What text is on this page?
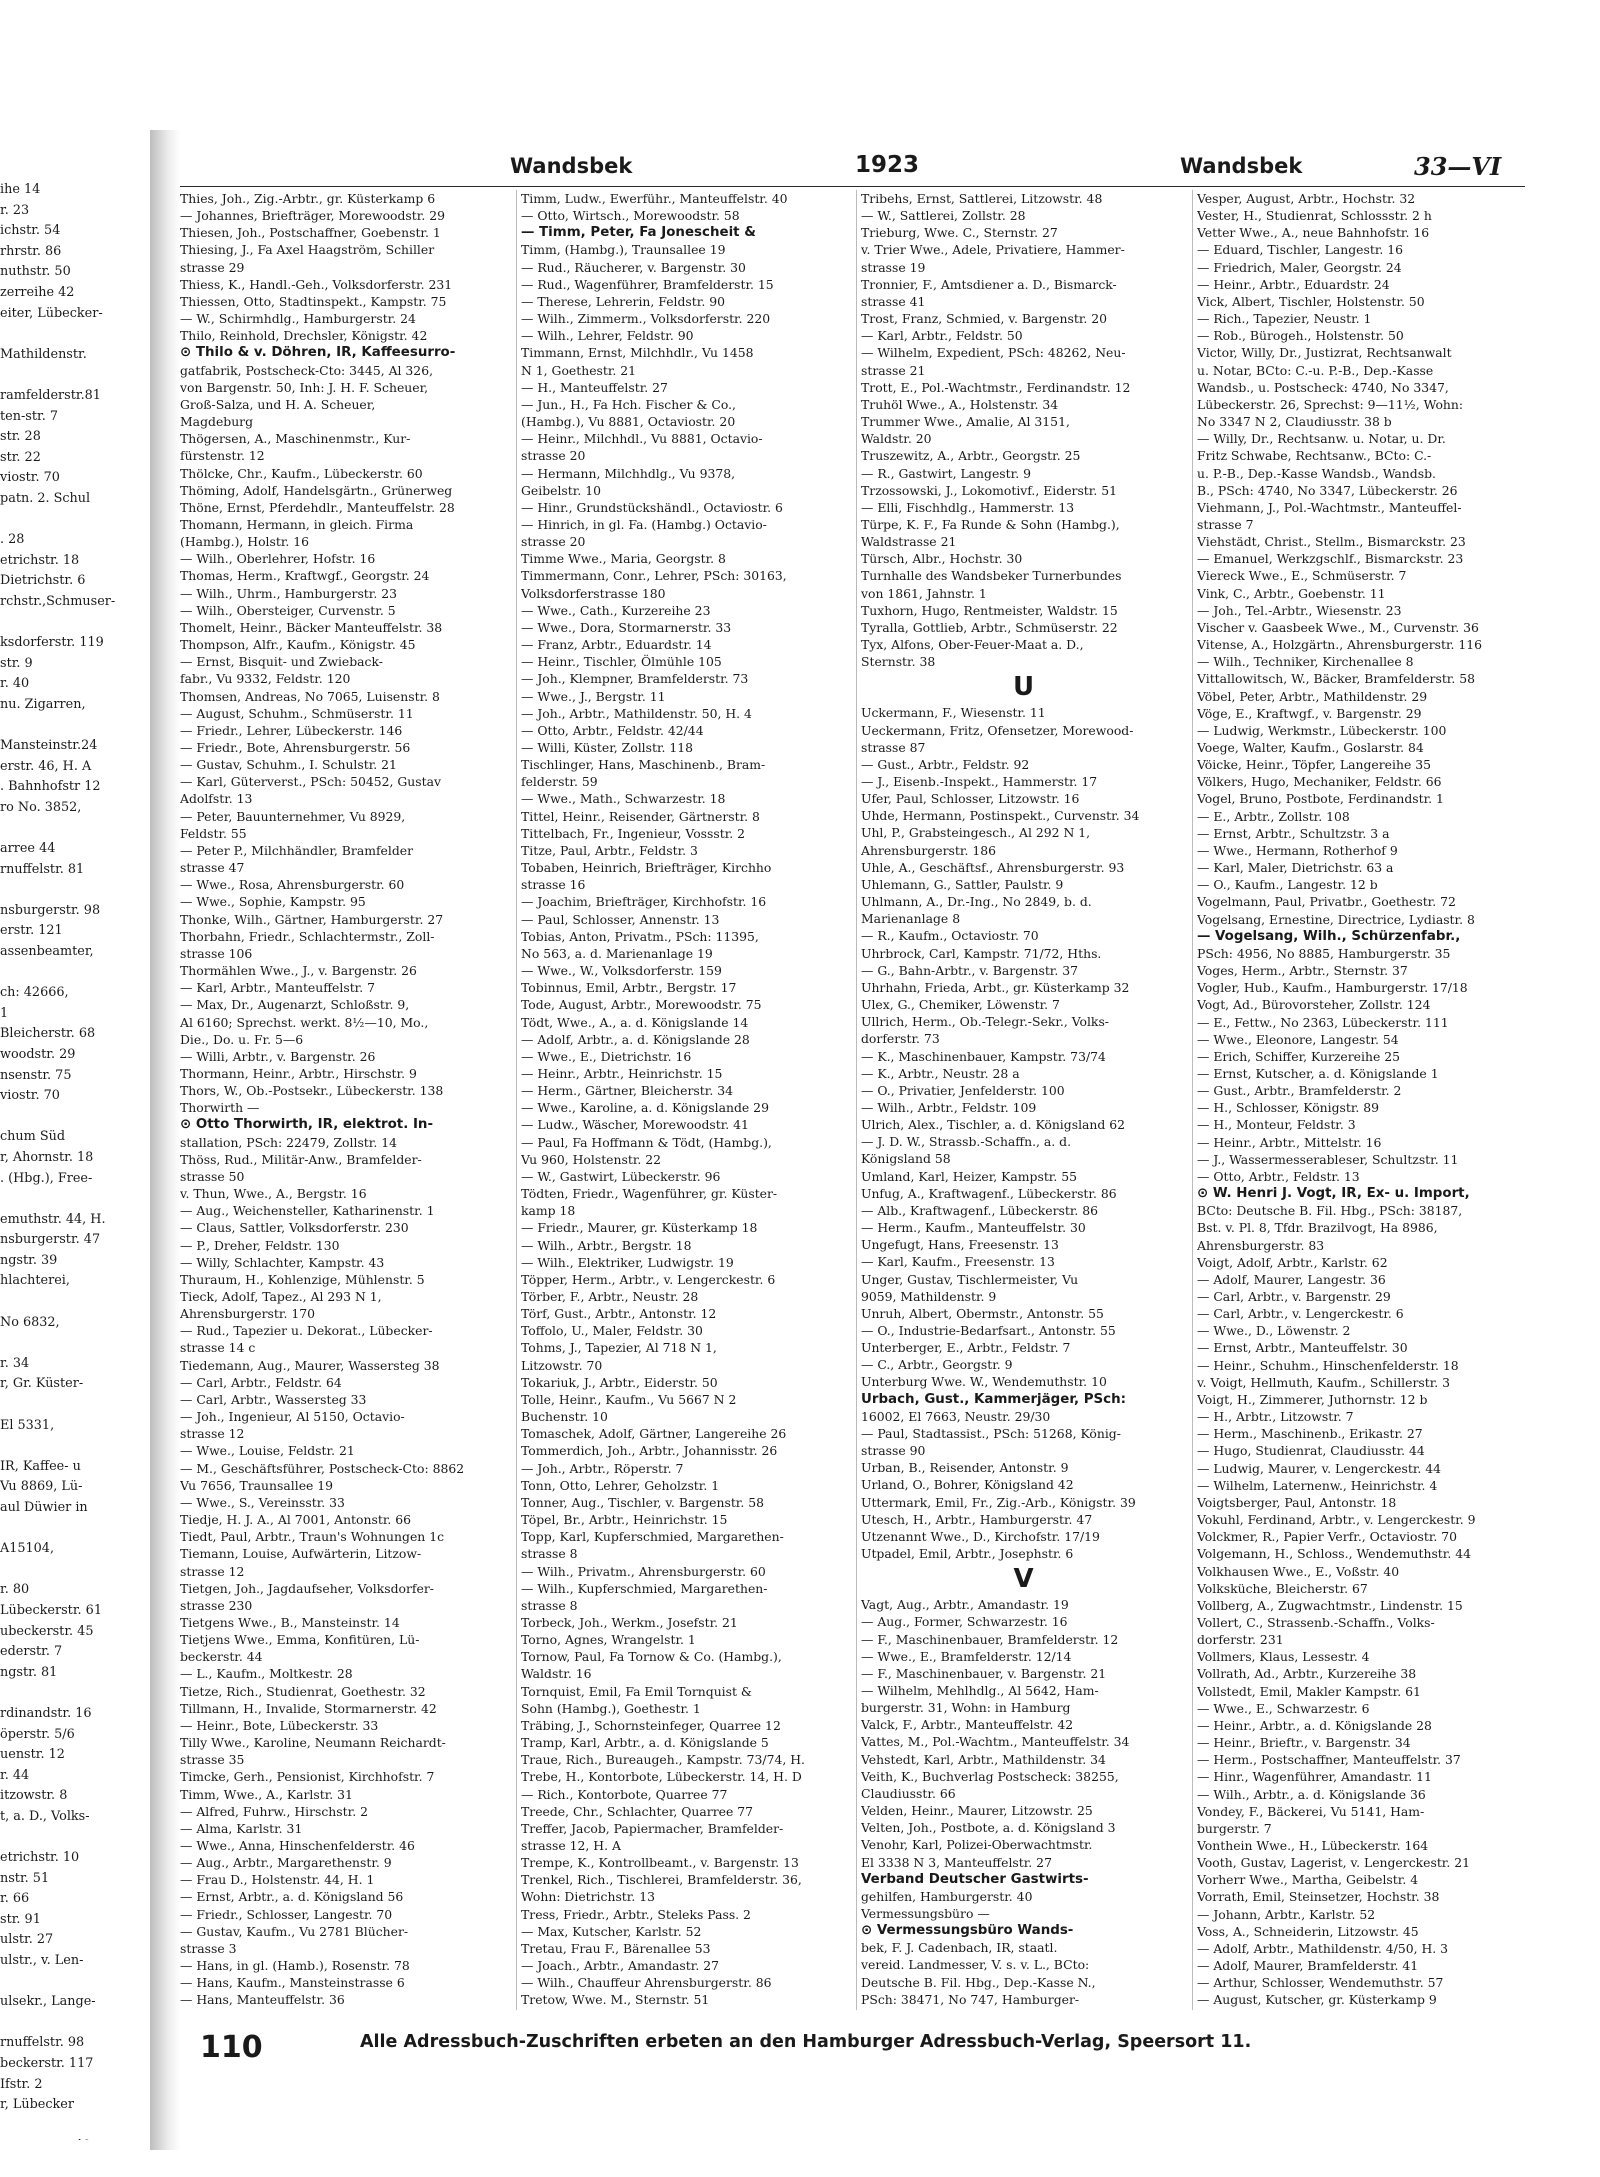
ihe 14
r. 23
ichstr. 54
rhrstr. 86
nuthstr. 50
zerreihe 42
eiter, Lübecker-

Mathildenstr.

ramfelderstr.81
ten-str. 7
str. 28
str. 22
viostr. 70
patn. 2. Schul

. 28
etrichstr. 18
Dietrichstr. 6
rchstr.,Schmuser-

ksdorferstr. 119
str. 9
r. 40
nu. Zigarren,

Mansteinstr.24
erstr. 46, H. A
. Bahnhofstr 12
ro No. 3852,

arree 44
rnuffelstr. 81

nsburgerstr. 98
erstr. 121
assenbeamter,

ch: 42666,
1
Bleicherstr. 68
woodstr. 29
nsenstr. 75
viostr. 70

chum Süd
r, Ahornstr. 18
. (Hbg.), Free-

emuthstr. 44, H.
nsburgerstr. 47
ngstr. 39
hlachterei,

No 6832,

r. 34
r, Gr. Küster-

El 5331,

IR, Kaffee- u
Vu 8869, Lü-
aul Düwier in

A15104,

r. 80
Lübeckerstr. 61
ubeckerstr. 45
ederstr. 7
ngstr. 81

rdinandstr. 16
öperstr. 5/6
uenstr. 12
r. 44
itzowstr. 8
t, a. D., Volks-

etrichstr. 10
nstr. 51
r. 66
str. 91
ulstr. 27
ulstr., v. Len-

ulsekr., Lange-

rnuffelstr. 98
beckerstr. 117
Ifstr. 2
r, Lübecker

Wandsbek	1923	Wandsbek	33—VI
Thies, Joh., Zig.-Arbtr., gr. Küsterkamp 6
— Johannes, Briefträger, Morewoodstr. 29
Thiesen, Joh., Postschaffner, Goebenstr. 1
Thiesing, J., Fa Axel Haagström, Schiller
strasse 29
Thiess, K., Handl.-Geh., Volksdorferstr. 231
Thiessen, Otto, Stadtinspekt., Kampstr. 75
— W., Schirmhdlg., Hamburgerstr. 24
Thilo, Reinhold, Drechsler, Königstr. 42
⊙ Thilo & v. Döhren, IR, Kaffeesurro-
gatfabrik, Postscheck-Cto: 3445, Al 326,
von Bargenstr. 50, Inh: J. H. F. Scheuer,
Groß-Salza, und H. A. Scheuer,
Magdeburg
Thögersen, A., Maschinenmstr., Kur-
fürstenstr. 12
Thölcke, Chr., Kaufm., Lübeckerstr. 60
Thöming, Adolf, Handelsgärtn., Grünerweg
Thöne, Ernst, Pferdehdlr., Manteuffelstr. 28
Thomann, Hermann, in gleich. Firma
(Hambg.), Holstr. 16
— Wilh., Oberlehrer, Hofstr. 16
Thomas, Herm., Kraftwgf., Georgstr. 24
— Wilh., Uhrm., Hamburgerstr. 23
— Wilh., Obersteiger, Curvenstr. 5
Thomelt, Heinr., Bäcker Manteuffelstr. 38
Thompson, Alfr., Kaufm., Königstr. 45
— Ernst, Bisquit- und Zwieback-
fabr., Vu 9332, Feldstr. 120
Thomsen, Andreas, No 7065, Luisenstr. 8
— August, Schuhm., Schmüserstr. 11
— Friedr., Lehrer, Lübeckerstr. 146
— Friedr., Bote, Ahrensburgerstr. 56
— Gustav, Schuhm., I. Schulstr. 21
— Karl, Güterverst., PSch: 50452, Gustav
Adolfstr. 13
— Peter, Bauunternehmer, Vu 8929,
Feldstr. 55
— Peter P., Milchhändler, Bramfelder
strasse 47
— Wwe., Rosa, Ahrensburgerstr. 60
— Wwe., Sophie, Kampstr. 95
Thonke, Wilh., Gärtner, Hamburgerstr. 27
Thorbahn, Friedr., Schlachtermstr., Zoll-
strasse 106
Thormählen Wwe., J., v. Bargenstr. 26
— Karl, Arbtr., Manteuffelstr. 7
— Max, Dr., Augenarzt, Schloßstr. 9,
Al 6160; Sprechst. werkt. 8½—10, Mo.,
Die., Do. u. Fr. 5—6
— Willi, Arbtr., v. Bargenstr. 26
Thormann, Heinr., Arbtr., Hirschstr. 9
Thors, W., Ob.-Postsekr., Lübeckerstr. 138
Thorwirth —
⊙ Otto Thorwirth, IR, elektrot. In-
stallation, PSch: 22479, Zollstr. 14
Thöss, Rud., Militär-Anw., Bramfelder-
strasse 50
v. Thun, Wwe., A., Bergstr. 16
— Aug., Weichensteller, Katharinenstr. 1
— Claus, Sattler, Volksdorferstr. 230
— P., Dreher, Feldstr. 130
— Willy, Schlachter, Kampstr. 43
Thuraum, H., Kohlenzige, Mühlenstr. 5
Tieck, Adolf, Tapez., Al 293 N 1,
Ahrensburgerstr. 170
— Rud., Tapezier u. Dekorat., Lübecker-
strasse 14 c
Tiedemann, Aug., Maurer, Wassersteg 38
— Carl, Arbtr., Feldstr. 64
— Carl, Arbtr., Wassersteg 33
— Joh., Ingenieur, Al 5150, Octavio-
strasse 12
— Wwe., Louise, Feldstr. 21
— M., Geschäftsführer, Postscheck-Cto: 8862
Vu 7656, Traunsallee 19
— Wwe., S., Vereinsstr. 33
Tiedje, H. J. A., Al 7001, Antonstr. 66
Tiedt, Paul, Arbtr., Traun's Wohnungen 1c
Tiemann, Louise, Aufwärterin, Litzow-
strasse 12
Tietgen, Joh., Jagdaufseher, Volksdorfer-
strasse 230
Tietgens Wwe., B., Mansteinstr. 14
Tietjens Wwe., Emma, Konfitüren, Lü-
beckerstr. 44
— L., Kaufm., Moltkestr. 28
Tietze, Rich., Studienrat, Goethestr. 32
Tillmann, H., Invalide, Stormarnerstr. 42
— Heinr., Bote, Lübeckerstr. 33
Tilly Wwe., Karoline, Neumann Reichardt-
strasse 35
Timcke, Gerh., Pensionist, Kirchhofstr. 7
Timm, Wwe., A., Karlstr. 31
— Alfred, Fuhrw., Hirschstr. 2
— Alma, Karlstr. 31
— Wwe., Anna, Hinschenfelderstr. 46
— Aug., Arbtr., Margarethenstr. 9
— Frau D., Holstenstr. 44, H. 1
— Ernst, Arbtr., a. d. Königsland 56
— Friedr., Schlosser, Langestr. 70
— Gustav, Kaufm., Vu 2781 Blücher-
strasse 3
— Hans, in gl. (Hamb.), Rosenstr. 78
— Hans, Kaufm., Mansteinstrasse 6
— Hans, Manteuffelstr. 36
Timm, Ludw., Ewerführ., Manteuffelstr. 40
— Otto, Wirtsch., Morewoodstr. 58
— Timm, Peter, Fa Jonescheit &
Timm, (Hambg.), Traunsallee 19
— Rud., Räucherer, v. Bargenstr. 30
— Rud., Wagenführer, Bramfelderstr. 15
— Therese, Lehrerin, Feldstr. 90
— Wilh., Zimmerm., Volksdorferstr. 220
— Wilh., Lehrer, Feldstr. 90
Timmann, Ernst, Milchhdlr., Vu 1458
N 1, Goethestr. 21
— H., Manteuffelstr. 27
— Jun., H., Fa Hch. Fischer & Co.,
(Hambg.), Vu 8881, Octaviostr. 20
— Heinr., Milchhdl., Vu 8881, Octavio-
strasse 20
— Hermann, Milchhdlg., Vu 9378,
Geibelstr. 10
— Hinr., Grundstückshändl., Octaviostr. 6
— Hinrich, in gl. Fa. (Hambg.) Octavio-
strasse 20
Timme Wwe., Maria, Georgstr. 8
Timmermann, Conr., Lehrer, PSch: 30163,
Volksdorferstrasse 180
— Wwe., Cath., Kurzereihe 23
— Wwe., Dora, Stormarnerstr. 33
— Franz, Arbtr., Eduardstr. 14
— Heinr., Tischler, Ölmühle 105
— Joh., Klempner, Bramfelderstr. 73
— Wwe., J., Bergstr. 11
— Joh., Arbtr., Mathildenstr. 50, H. 4
— Otto, Arbtr., Feldstr. 42/44
— Willi, Küster, Zollstr. 118
Tischlinger, Hans, Maschinenb., Bram-
felderstr. 59
— Wwe., Math., Schwarzestr. 18
Tittel, Heinr., Reisender, Gärtnerstr. 8
Tittelbach, Fr., Ingenieur, Vossstr. 2
Titze, Paul, Arbtr., Feldstr. 3
Tobaben, Heinrich, Briefträger, Kirchho
strasse 16
— Joachim, Briefträger, Kirchhofstr. 16
— Paul, Schlosser, Annenstr. 13
Tobias, Anton, Privatm., PSch: 11395,
No 563, a. d. Marienanlage 19
— Wwe., W., Volksdorferstr. 159
Tobinnus, Emil, Arbtr., Bergstr. 17
Tode, August, Arbtr., Morewoodstr. 75
Tödt, Wwe., A., a. d. Königslande 14
— Adolf, Arbtr., a. d. Königslande 28
— Wwe., E., Dietrichstr. 16
— Heinr., Arbtr., Heinrichstr. 15
— Herm., Gärtner, Bleicherstr. 34
— Wwe., Karoline, a. d. Königslande 29
— Ludw., Wäscher, Morewoodstr. 41
— Paul, Fa Hoffmann & Tödt, (Hambg.),
Vu 960, Holstenstr. 22
— W., Gastwirt, Lübeckerstr. 96
Tödten, Friedr., Wagenführer, gr. Küster-
kamp 18
— Friedr., Maurer, gr. Küsterkamp 18
— Wilh., Arbtr., Bergstr. 18
— Wilh., Elektriker, Ludwigstr. 19
Töpper, Herm., Arbtr., v. Lengerckestr. 6
Törber, F., Arbtr., Neustr. 28
Törf, Gust., Arbtr., Antonstr. 12
Toffolo, U., Maler, Feldstr. 30
Tohms, J., Tapezier, Al 718 N 1,
Litzowstr. 70
Tokariuk, J., Arbtr., Eiderstr. 50
Tolle, Heinr., Kaufm., Vu 5667 N 2
Buchenstr. 10
Tomaschek, Adolf, Gärtner, Langereihe 26
Tommerdich, Joh., Arbtr., Johannisstr. 26
— Joh., Arbtr., Röperstr. 7
Tonn, Otto, Lehrer, Geholzstr. 1
Tonner, Aug., Tischler, v. Bargenstr. 58
Töpel, Br., Arbtr., Heinrichstr. 15
Topp, Karl, Kupferschmied, Margarethen-
strasse 8
— Wilh., Privatm., Ahrensburgerstr. 60
— Wilh., Kupferschmied, Margarethen-
strasse 8
Torbeck, Joh., Werkm., Josefstr. 21
Torno, Agnes, Wrangelstr. 1
Tornow, Paul, Fa Tornow & Co. (Hambg.),
Waldstr. 16
Tornquist, Emil, Fa Emil Tornquist &
Sohn (Hambg.), Goethestr. 1
Träbing, J., Schornsteinfeger, Quarree 12
Tramp, Karl, Arbtr., a. d. Königslande 5
Traue, Rich., Bureaugeh., Kampstr. 73/74, H.
Trebe, H., Kontorbote, Lübeckerstr. 14, H. D
— Rich., Kontorbote, Quarree 77
Treede, Chr., Schlachter, Quarree 77
Treffer, Jacob, Papiermacher, Bramfelder-
strasse 12, H. A
Trempe, K., Kontrollbeamt., v. Bargenstr. 13
Trenkel, Rich., Tischlerei, Bramfelderstr. 36,
Wohn: Dietrichstr. 13
Tress, Friedr., Arbtr., Steleks Pass. 2
— Max, Kutscher, Karlstr. 52
Tretau, Frau F., Bärenallee 53
— Joach., Arbtr., Amandastr. 27
— Wilh., Chauffeur Ahrensburgerstr. 86
Tretow, Wwe. M., Sternstr. 51
Tribehs, Ernst, Sattlerei, Litzowstr. 48
— W., Sattlerei, Zollstr. 28
Trieburg, Wwe. C., Sternstr. 27
v. Trier Wwe., Adele, Privatiere, Hammer-
strasse 19
Tronnier, F., Amtsdiener a. D., Bismarck-
strasse 41
Trost, Franz, Schmied, v. Bargenstr. 20
— Karl, Arbtr., Feldstr. 50
— Wilhelm, Expedient, PSch: 48262, Neu-
strasse 21
Trott, E., Pol.-Wachtmstr., Ferdinandstr. 12
Truhöl Wwe., A., Holstenstr. 34
Trummer Wwe., Amalie, Al 3151,
Waldstr. 20
Truszewitz, A., Arbtr., Georgstr. 25
— R., Gastwirt, Langestr. 9
Trzossowski, J., Lokomotivf., Eiderstr. 51
— Elli, Fischhdlg., Hammerstr. 13
Türpe, K. F., Fa Runde & Sohn (Hambg.),
Waldstrasse 21
Türsch, Albr., Hochstr. 30
Turnhalle des Wandsbeker Turnerbundes
von 1861, Jahnstr. 1
Tuxhorn, Hugo, Rentmeister, Waldstr. 15
Tyralla, Gottlieb, Arbtr., Schmüserstr. 22
Tyx, Alfons, Ober-Feuer-Maat a. D.,
Sternstr. 38
U
Uckermann, F., Wiesenstr. 11
Ueckermann, Fritz, Ofensetzer, Morewood-
strasse 87
— Gust., Arbtr., Feldstr. 92
— J., Eisenb.-Inspekt., Hammerstr. 17
Ufer, Paul, Schlosser, Litzowstr. 16
Uhde, Hermann, Postinspekt., Curvenstr. 34
Uhl, P., Grabsteingesch., Al 292 N 1,
Ahrensburgerstr. 186
Uhle, A., Geschäftsf., Ahrensburgerstr. 93
Uhlemann, G., Sattler, Paulstr. 9
Uhlmann, A., Dr.-Ing., No 2849, b. d.
Marienanlage 8
— R., Kaufm., Octaviostr. 70
Uhrbrock, Carl, Kampstr. 71/72, Hths.
— G., Bahn-Arbtr., v. Bargenstr. 37
Uhrhahn, Frieda, Arbt., gr. Küsterkamp 32
Ulex, G., Chemiker, Löwenstr. 7
Ullrich, Herm., Ob.-Telegr.-Sekr., Volks-
dorferstr. 73
— K., Maschinenbauer, Kampstr. 73/74
— K., Arbtr., Neustr. 28 a
— O., Privatier, Jenfelderstr. 100
— Wilh., Arbtr., Feldstr. 109
Ulrich, Alex., Tischler, a. d. Königsland 62
— J. D. W., Strassb.-Schaffn., a. d.
Königsland 58
Umland, Karl, Heizer, Kampstr. 55
Unfug, A., Kraftwagenf., Lübeckerstr. 86
— Alb., Kraftwagenf., Lübeckerstr. 86
— Herm., Kaufm., Manteuffelstr. 30
Ungefugt, Hans, Freesenstr. 13
— Karl, Kaufm., Freesenstr. 13
Unger, Gustav, Tischlermeister, Vu
9059, Mathildenstr. 9
Unruh, Albert, Obermstr., Antonstr. 55
— O., Industrie-Bedarfsart., Antonstr. 55
Unterberger, E., Arbtr., Feldstr. 7
— C., Arbtr., Georgstr. 9
Unterburg Wwe. W., Wendemuthstr. 10
Urbach, Gust., Kammerjäger, PSch:
16002, El 7663, Neustr. 29/30
— Paul, Stadtassist., PSch: 51268, König-
strasse 90
Urban, B., Reisender, Antonstr. 9
Urland, O., Bohrer, Königsland 42
Uttermark, Emil, Fr., Zig.-Arb., Königstr. 39
Utesch, H., Arbtr., Hamburgerstr. 47
Utzenannt Wwe., D., Kirchofstr. 17/19
Utpadel, Emil, Arbtr., Josephstr. 6
V
Vagt, Aug., Arbtr., Amandastr. 19
— Aug., Former, Schwarzestr. 16
— F., Maschinenbauer, Bramfelderstr. 12
— Wwe., E., Bramfelderstr. 12/14
— F., Maschinenbauer, v. Bargenstr. 21
— Wilhelm, Mehlhdlg., Al 5642, Ham-
burgerstr. 31, Wohn: in Hamburg
Valck, F., Arbtr., Manteuffelstr. 42
Vattes, M., Pol.-Wachtm., Manteuffelstr. 34
Vehstedt, Karl, Arbtr., Mathildenstr. 34
Veith, K., Buchverlag Postscheck: 38255,
Claudiusstr. 66
Velden, Heinr., Maurer, Litzowstr. 25
Velten, Joh., Postbote, a. d. Königsland 3
Venohr, Karl, Polizei-Oberwachtmstr.
El 3338 N 3, Manteuffelstr. 27
Verband Deutscher Gastwirts-
gehilfen, Hamburgerstr. 40
Vermessungsbüro —
⊙ Vermessungsbüro Wands-
bek, F. J. Cadenbach, IR, staatl.
vereid. Landmesser, V. s. v. L., BCto:
Deutsche B. Fil. Hbg., Dep.-Kasse N.,
PSch: 38471, No 747, Hamburger-
Vesper, August, Arbtr., Hochstr. 32
Vester, H., Studienrat, Schlossstr. 2 h
Vetter Wwe., A., neue Bahnhofstr. 16
— Eduard, Tischler, Langestr. 16
— Friedrich, Maler, Georgstr. 24
— Heinr., Arbtr., Eduardstr. 24
Vick, Albert, Tischler, Holstenstr. 50
— Rich., Tapezier, Neustr. 1
— Rob., Bürogeh., Holstenstr. 50
Victor, Willy, Dr., Justizrat, Rechtsanwalt
u. Notar, BCto: C.-u. P.-B., Dep.-Kasse
Wandsb., u. Postscheck: 4740, No 3347,
Lübeckerstr. 26, Sprechst: 9—11½, Wohn:
No 3347 N 2, Claudiusstr. 38 b
— Willy, Dr., Rechtsanw. u. Notar, u. Dr.
Fritz Schwabe, Rechtsanw., BCto: C.-
u. P.-B., Dep.-Kasse Wandsb., Wandsb.
B., PSch: 4740, No 3347, Lübeckerstr. 26
Viehmann, J., Pol.-Wachtmstr., Manteuffel-
strasse 7
Viehstädt, Christ., Stellm., Bismarckstr. 23
— Emanuel, Werkzgschlf., Bismarckstr. 23
Viereck Wwe., E., Schmüserstr. 7
Vink, C., Arbtr., Goebenstr. 11
— Joh., Tel.-Arbtr., Wiesenstr. 23
Vischer v. Gaasbeek Wwe., M., Curvenstr. 36
Vitense, A., Holzgärtn., Ahrensburgerstr. 116
— Wilh., Techniker, Kirchenallee 8
Vittallowitsch, W., Bäcker, Bramfelderstr. 58
Vöbel, Peter, Arbtr., Mathildenstr. 29
Vöge, E., Kraftwgf., v. Bargenstr. 29
— Ludwig, Werkmstr., Lübeckerstr. 100
Voege, Walter, Kaufm., Goslarstr. 84
Vöicke, Heinr., Töpfer, Langereihe 35
Völkers, Hugo, Mechaniker, Feldstr. 66
Vogel, Bruno, Postbote, Ferdinandstr. 1
— E., Arbtr., Zollstr. 108
— Ernst, Arbtr., Schultzstr. 3 a
— Wwe., Hermann, Rotherhof 9
— Karl, Maler, Dietrichstr. 63 a
— O., Kaufm., Langestr. 12 b
Vogelmann, Paul, Privatbr., Goethestr. 72
Vogelsang, Ernestine, Directrice, Lydiastr. 8
— Vogelsang, Wilh., Schürzenfabr.,
PSch: 4956, No 8885, Hamburgerstr. 35
Voges, Herm., Arbtr., Sternstr. 37
Vogler, Hub., Kaufm., Hamburgerstr. 17/18
Vogt, Ad., Bürovorsteher, Zollstr. 124
— E., Fettw., No 2363, Lübeckerstr. 111
— Wwe., Eleonore, Langestr. 54
— Erich, Schiffer, Kurzereihe 25
— Ernst, Kutscher, a. d. Königslande 1
— Gust., Arbtr., Bramfelderstr. 2
— H., Schlosser, Königstr. 89
— H., Monteur, Feldstr. 3
— Heinr., Arbtr., Mittelstr. 16
— J., Wassermesserableser, Schultzstr. 11
— Otto, Arbtr., Feldstr. 13
⊙ W. Henri J. Vogt, IR, Ex- u. Import,
BCto: Deutsche B. Fil. Hbg., PSch: 38187,
Bst. v. Pl. 8, Tfdr. Brazilvogt, Ha 8986,
Ahrensburgerstr. 83
Voigt, Adolf, Arbtr., Karlstr. 62
— Adolf, Maurer, Langestr. 36
— Carl, Arbtr., v. Bargenstr. 29
— Carl, Arbtr., v. Lengerckestr. 6
— Wwe., D., Löwenstr. 2
— Ernst, Arbtr., Manteuffelstr. 30
— Heinr., Schuhm., Hinschenfelderstr. 18
v. Voigt, Hellmuth, Kaufm., Schillerstr. 3
Voigt, H., Zimmerer, Juthornstr. 12 b
— H., Arbtr., Litzowstr. 7
— Herm., Maschinenb., Erikastr. 27
— Hugo, Studienrat, Claudiusstr. 44
— Ludwig, Maurer, v. Lengerckestr. 44
— Wilhelm, Laternenw., Heinrichstr. 4
Voigtsberger, Paul, Antonstr. 18
Vokuhl, Ferdinand, Arbtr., v. Lengerckestr. 9
Volckmer, R., Papier Verfr., Octaviostr. 70
Volgemann, H., Schloss., Wendemuthstr. 44
Volkhausen Wwe., E., Voßstr. 40
Volksküche, Bleicherstr. 67
Vollberg, A., Zugwachtmstr., Lindenstr. 15
Vollert, C., Strassenb.-Schaffn., Volks-
dorferstr. 231
Vollmers, Klaus, Lessestr. 4
Vollrath, Ad., Arbtr., Kurzereihe 38
Vollstedt, Emil, Makler Kampstr. 61
— Wwe., E., Schwarzestr. 6
— Heinr., Arbtr., a. d. Königslande 28
— Heinr., Brieftr., v. Bargenstr. 34
— Herm., Postschaffner, Manteuffelstr. 37
— Hinr., Wagenführer, Amandastr. 11
— Wilh., Arbtr., a. d. Königslande 36
Vondey, F., Bäckerei, Vu 5141, Ham-
burgerstr. 7
Vonthein Wwe., H., Lübeckerstr. 164
Vooth, Gustav, Lagerist, v. Lengerckestr. 21
Vorherr Wwe., Martha, Geibelstr. 4
Vorrath, Emil, Steinsetzer, Hochstr. 38
— Johann, Arbtr., Karlstr. 52
Voss, A., Schneiderin, Litzowstr. 45
— Adolf, Arbtr., Mathildenstr. 4/50, H. 3
— Adolf, Maurer, Bramfelderstr. 41
— Arthur, Schlosser, Wendemuthstr. 57
— August, Kutscher, gr. Küsterkamp 9
110	Alle Adressbuch-Zuschriften erbeten an den Hamburger Adressbuch-Verlag, Speersort 11.
